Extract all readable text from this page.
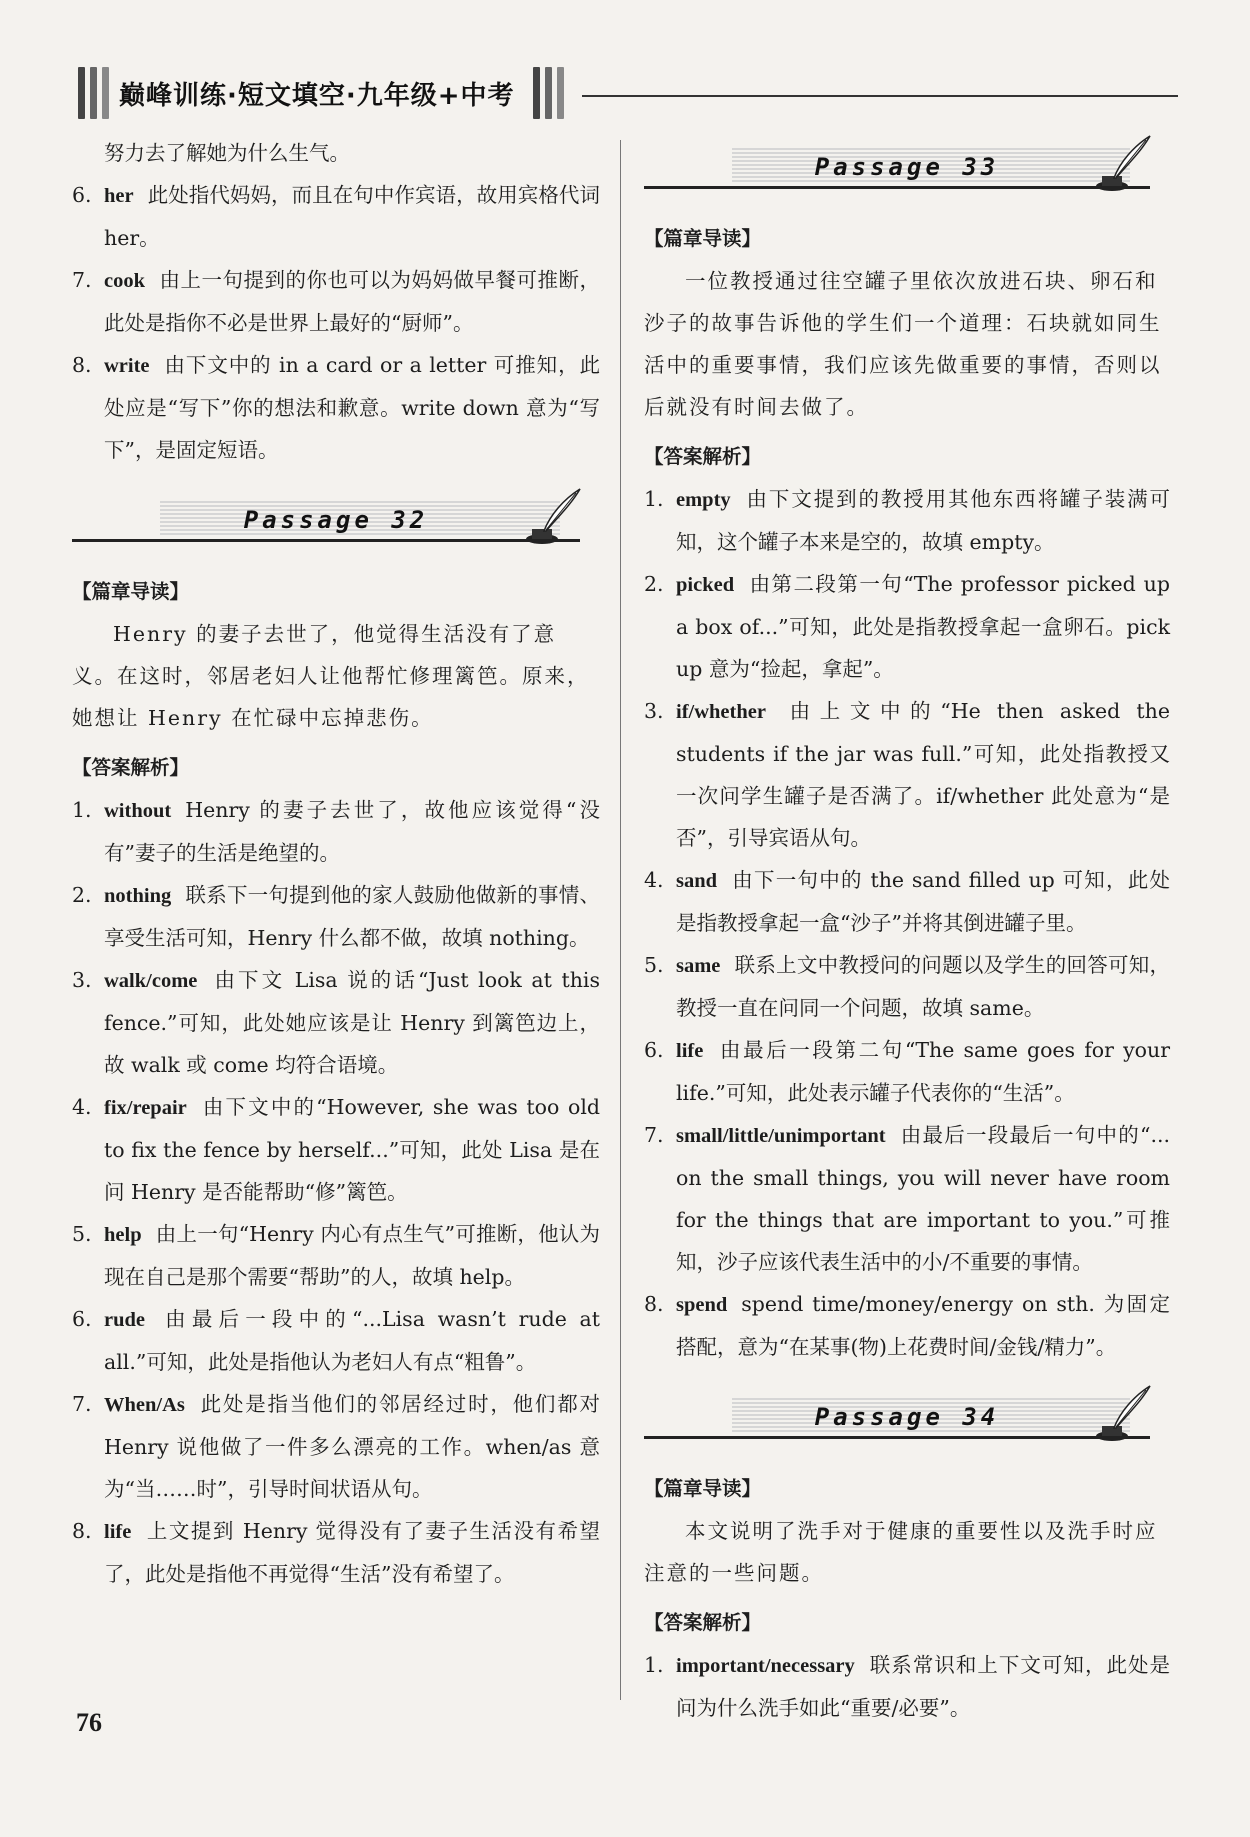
巅峰训练·短文填空·九年级+中考

努力去了解她为什么生气。

6. her 此处指代妈妈，而且在句中作宾语，故用宾格代词 her。
7. cook 由上一句提到的你也可以为妈妈做早餐可推断，此处是指你不必是世界上最好的“厨师”。
8. write 由下文中的 in a card or a letter 可推知，此处应是“写下”你的想法和歉意。write down 意为“写下”，是固定短语。
Passage 32

【篇章导读】

Henry 的妻子去世了，他觉得生活没有了意义。在这时，邻居老妇人让他帮忙修理篱笆。原来，她想让 Henry 在忙碌中忘掉悲伤。

【答案解析】

1. without Henry 的妻子去世了，故他应该觉得“没有”妻子的生活是绝望的。
2. nothing 联系下一句提到他的家人鼓励他做新的事情、享受生活可知，Henry 什么都不做，故填 nothing。
3. walk/come 由下文 Lisa 说的话“Just look at this fence.”可知，此处她应该是让 Henry 到篱笆边上，故 walk 或 come 均符合语境。
4. fix/repair 由下文中的“However, she was too old to fix the fence by herself...”可知，此处 Lisa 是在问 Henry 是否能帮助“修”篱笆。
5. help 由上一句“Henry 内心有点生气”可推断，他认为现在自己是那个需要“帮助”的人，故填 help。
6. rude 由最后一段中的“...Lisa wasn’t rude at all.”可知，此处是指他认为老妇人有点“粗鲁”。
7. When/As 此处是指当他们的邻居经过时，他们都对 Henry 说他做了一件多么漂亮的工作。when/as 意为“当……时”，引导时间状语从句。
8. life 上文提到 Henry 觉得没有了妻子生活没有希望了，此处是指他不再觉得“生活”没有希望了。
Passage 33

【篇章导读】

一位教授通过往空罐子里依次放进石块、卵石和沙子的故事告诉他的学生们一个道理：石块就如同生活中的重要事情，我们应该先做重要的事情，否则以后就没有时间去做了。

【答案解析】

1. empty 由下文提到的教授用其他东西将罐子装满可知，这个罐子本来是空的，故填 empty。
2. picked 由第二段第一句“The professor picked up a box of...”可知，此处是指教授拿起一盒卵石。pick up 意为“捡起，拿起”。
3. if/whether 由上文中的“He then asked the students if the jar was full.”可知，此处指教授又一次问学生罐子是否满了。if/whether 此处意为“是否”，引导宾语从句。
4. sand 由下一句中的 the sand filled up 可知，此处是指教授拿起一盒“沙子”并将其倒进罐子里。
5. same 联系上文中教授问的问题以及学生的回答可知，教授一直在问同一个问题，故填 same。
6. life 由最后一段第二句“The same goes for your life.”可知，此处表示罐子代表你的“生活”。
7. small/little/unimportant 由最后一段最后一句中的“... on the small things, you will never have room for the things that are important to you.”可推知，沙子应该代表生活中的小/不重要的事情。
8. spend spend time/money/energy on sth. 为固定搭配，意为“在某事(物)上花费时间/金钱/精力”。
Passage 34

【篇章导读】

本文说明了洗手对于健康的重要性以及洗手时应注意的一些问题。

【答案解析】

1. important/necessary 联系常识和上下文可知，此处是问为什么洗手如此“重要/必要”。
76
